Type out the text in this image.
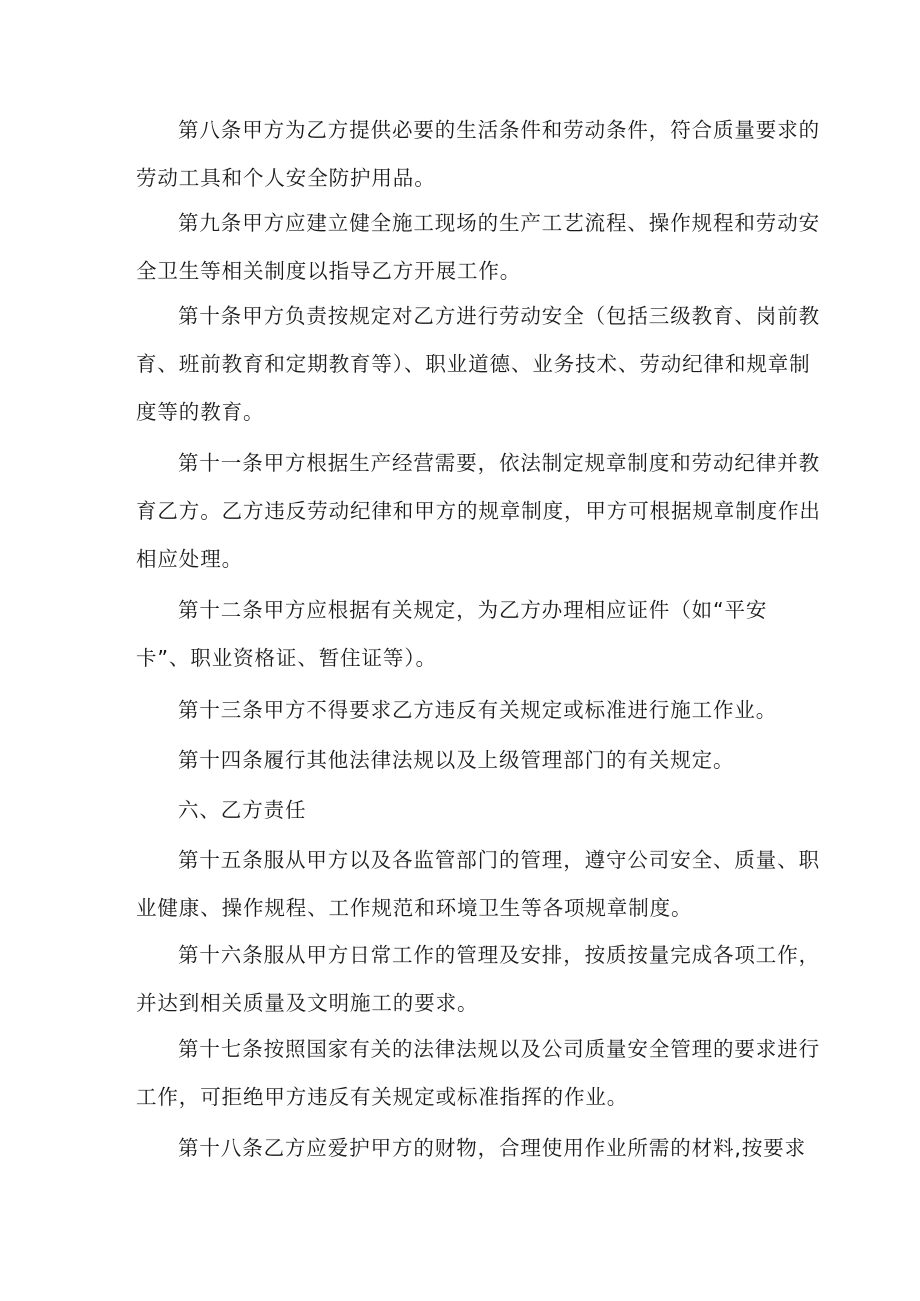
第八条甲方为乙方提供必要的生活条件和劳动条件，符合质量要求的
劳动工具和个人安全防护用品。

第九条甲方应建立健全施工现场的生产工艺流程、操作规程和劳动安
全卫生等相关制度以指导乙方开展工作。

第十条甲方负责按规定对乙方进行劳动安全（包括三级教育、岗前教
育、班前教育和定期教育等）、职业道德、业务技术、劳动纪律和规章制
度等的教育。

第十一条甲方根据生产经营需要，依法制定规章制度和劳动纪律并教
育乙方。乙方违反劳动纪律和甲方的规章制度，甲方可根据规章制度作出
相应处理。

第十二条甲方应根据有关规定，为乙方办理相应证件（如“平安
卡”、职业资格证、暂住证等）。

第十三条甲方不得要求乙方违反有关规定或标准进行施工作业。

第十四条履行其他法律法规以及上级管理部门的有关规定。

六、乙方责任

第十五条服从甲方以及各监管部门的管理，遵守公司安全、质量、职
业健康、操作规程、工作规范和环境卫生等各项规章制度。

第十六条服从甲方日常工作的管理及安排，按质按量完成各项工作，
并达到相关质量及文明施工的要求。

第十七条按照国家有关的法律法规以及公司质量安全管理的要求进行
工作，可拒绝甲方违反有关规定或标准指挥的作业。

第十八条乙方应爱护甲方的财物，合理使用作业所需的材料,按要求
